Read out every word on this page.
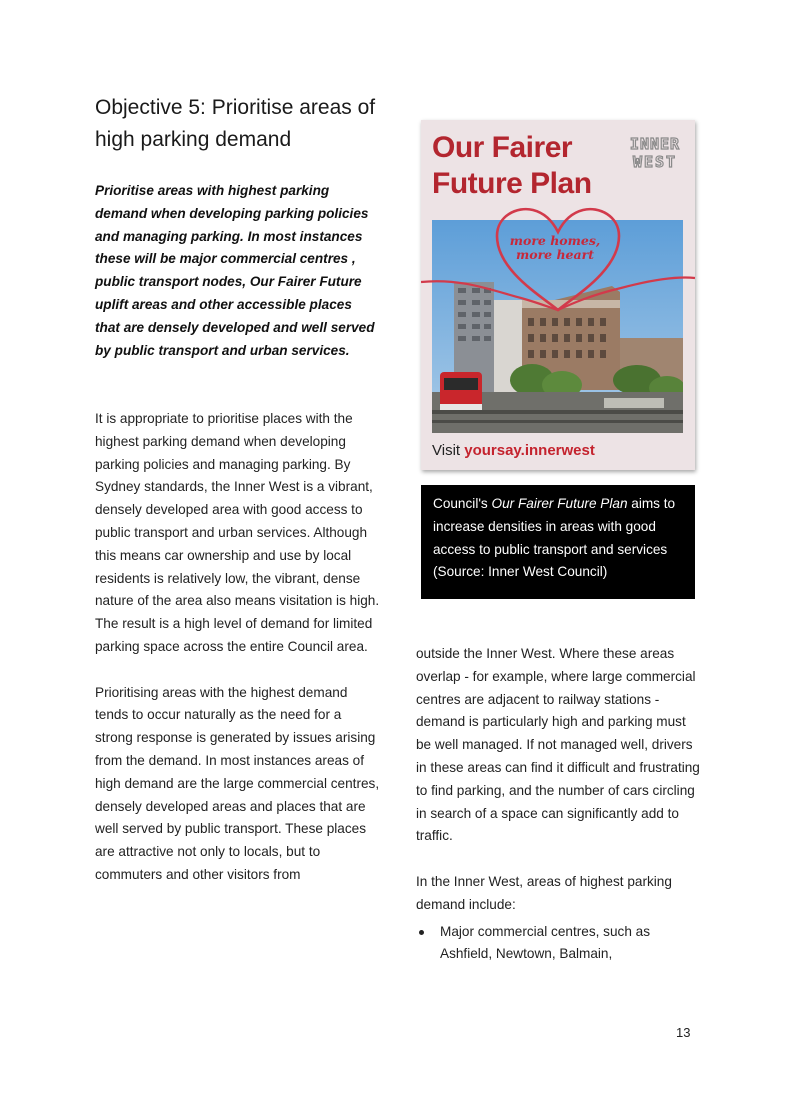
Objective 5: Prioritise areas of high parking demand

Prioritise areas with highest parking demand when developing parking policies and managing parking. In most instances these will be major commercial centres , public transport nodes, Our Fairer Future uplift areas and other accessible places that are densely developed and well served by public transport and urban services.

It is appropriate to prioritise places with the highest parking demand when developing parking policies and managing parking. By Sydney standards, the Inner West is a vibrant, densely developed area with good access to public transport and urban services. Although this means car ownership and use by local residents is relatively low, the vibrant, dense nature of the area also means visitation is high. The result is a high level of demand for limited parking space across the entire Council area.

Prioritising areas with the highest demand tends to occur naturally as the need for a strong response is generated by issues arising from the demand. In most instances areas of high demand are the large commercial centres, densely developed areas and places that are well served by public transport. These places are attractive not only to locals, but to commuters and other visitors from

Our Fairer
Future Plan
INNER
WEST
more homes,
more heart
Visit yoursay.innerwest
Council's Our Fairer Future Plan aims to increase densities in areas with good access to public transport and services (Source: Inner West Council)

outside the Inner West. Where these areas overlap - for example, where large commercial centres are adjacent to railway stations - demand is particularly high and parking must be well managed. If not managed well, drivers in these areas can find it difficult and frustrating to find parking, and the number of cars circling in search of a space can significantly add to traffic.

In the Inner West, areas of highest parking demand include:

Major commercial centres, such as Ashfield, Newtown, Balmain,
13
